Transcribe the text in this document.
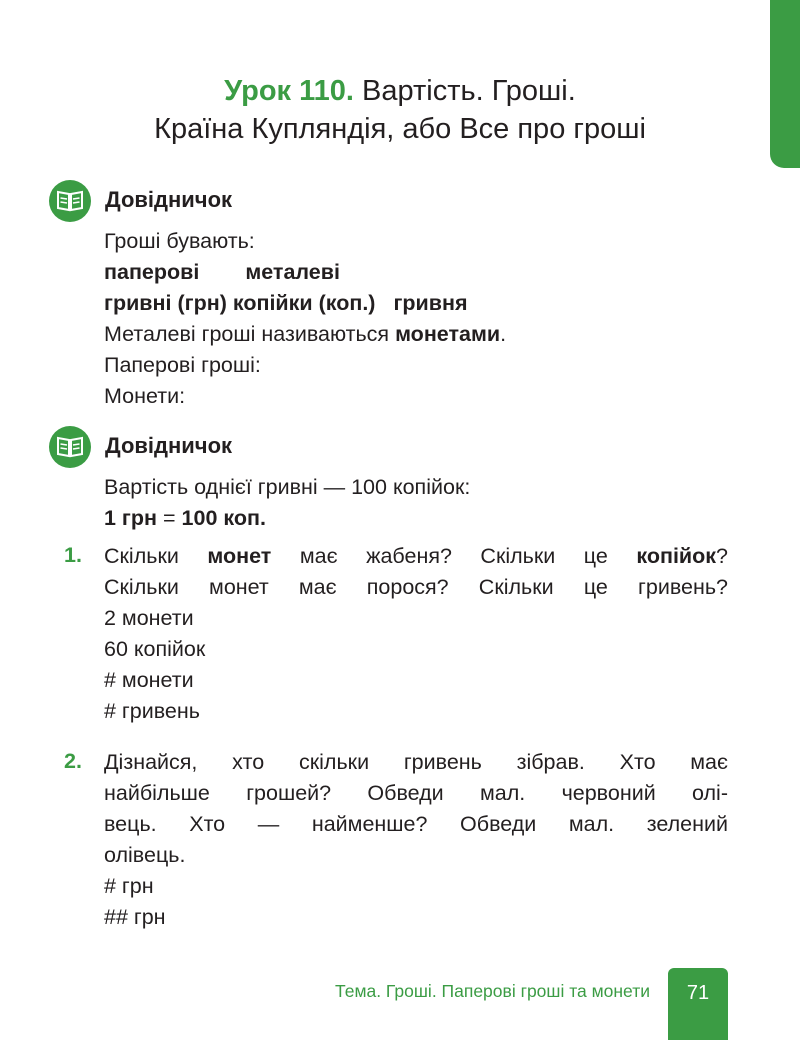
Урок 110. Вартість. Гроші.
Країна Купляндія, або Все про гроші
Довідничок
Гроші бувають:
паперові металеві
гривні (грн) копійки (коп.) гривня
Металеві гроші називаються монетами.
Паперові гроші:
Монети:
Довідничок
Вартість однієї гривні — 100 копійок:
1 грн = 100 коп.
1. Скільки монет має жабеня? Скільки це копійок?
Скільки монет має порося? Скільки це гривень?
2 монети
60 копійок
# монети
# гривень
2. Дізнайся, хто скільки гривень зібрав. Хто має
найбільше грошей? Обведи мал. червоний олі-
вець. Хто — найменше? Обведи мал. зелений
олівець.
# грн
## грн
Тема. Гроші. Паперові гроші та монети	71
